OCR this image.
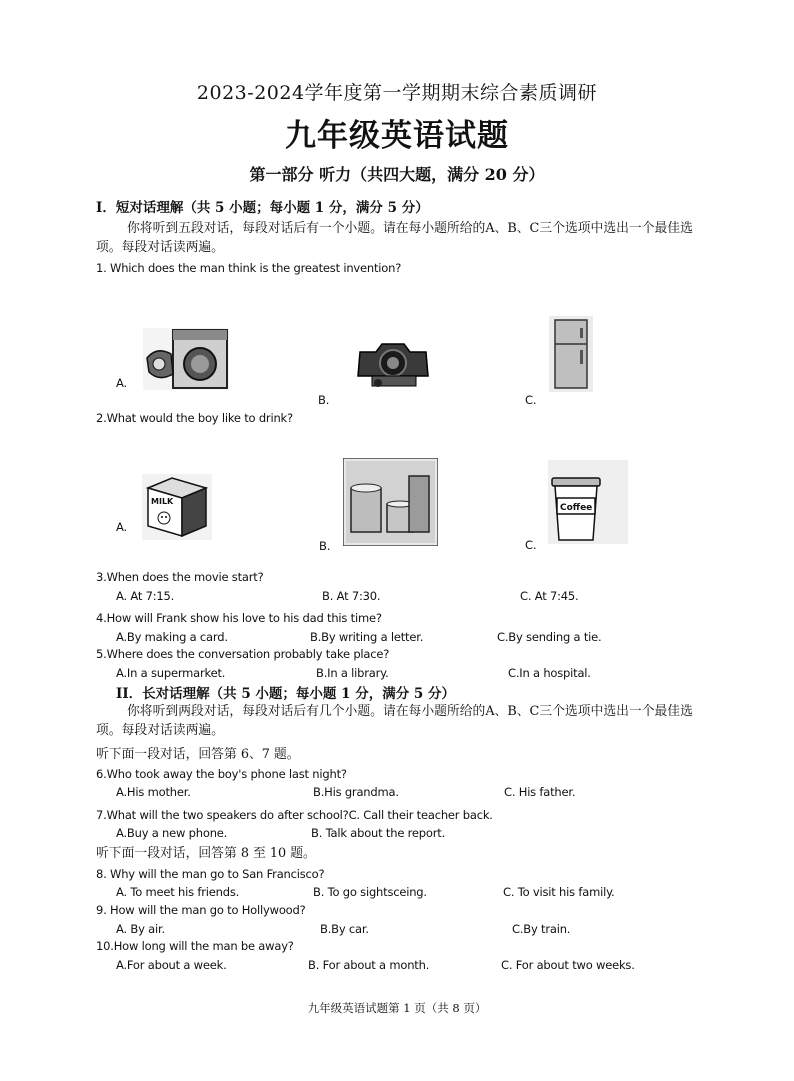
2023-2024学年度第一学期期末综合素质调研
九年级英语试题
第一部分 听力（共四大题，满分 20 分）
I．短对话理解（共 5 小题；每小题 1 分，满分 5 分）
你将听到五段对话，每段对话后有一个小题。请在每小题所给的A、B、C三个选项中选出一个最佳选
项。每段对话读两遍。
1. Which does the man think is the greatest invention?
A.
B.	C.
2.What would the boy like to drink?
A.
B.	C.
MILK
Coffee
3.When does the movie start?
A. At 7:15.	B. At 7:30.	C. At 7:45.
4.How will Frank show his love to his dad this time?
A.By making a card.	B.By writing a letter.	C.By sending a tie.
5.Where does the conversation probably take place?
A.In a supermarket.	B.In a library.	C.In a hospital.
II．长对话理解（共 5 小题；每小题 1 分，满分 5 分）
你将听到两段对话，每段对话后有几个小题。请在每小题所给的A、B、C三个选项中选出一个最佳选
项。每段对话读两遍。
听下面一段对话，回答第 6、7 题。
6.Who took away the boy's phone last night?
A.His mother.	B.His grandma.	C. His father.
7.What will the two speakers do after school?C. Call their teacher back.
A.Buy a new phone.	B. Talk about the report.
听下面一段对话，回答第 8 至 10 题。
8. Why will the man go to San Francisco?
A. To meet his friends.	B. To go sightsceing.	C. To visit his family.
9. How will the man go to Hollywood?
A. By air.	B.By car.	C.By train.
10.How long will the man be away?
A.For about a week.	B. For about a month.	C. For about two weeks.
九年级英语试题第 1 页（共 8 页）
